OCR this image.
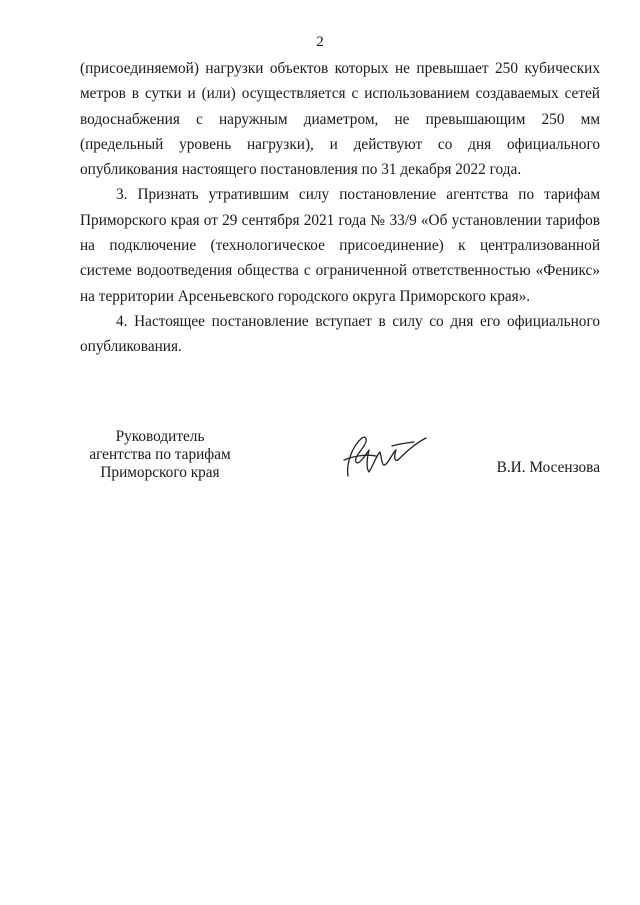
2

(присоединяемой) нагрузки объектов которых не превышает 250 кубических метров в сутки и (или) осуществляется с использованием создаваемых сетей водоснабжения с наружным диаметром, не превышающим 250 мм (предельный уровень нагрузки), и действуют со дня официального опубликования настоящего постановления по 31 декабря 2022 года.

3. Признать утратившим силу постановление агентства по тарифам Приморского края от 29 сентября 2021 года № 33/9 «Об установлении тарифов на подключение (технологическое присоединение) к централизованной системе водоотведения общества с ограниченной ответственностью «Феникс» на территории Арсеньевского городского округа Приморского края».

4. Настоящее постановление вступает в силу со дня его официального опубликования.

Руководитель
агентства по тарифам
Приморского края	В.И. Мосензова
